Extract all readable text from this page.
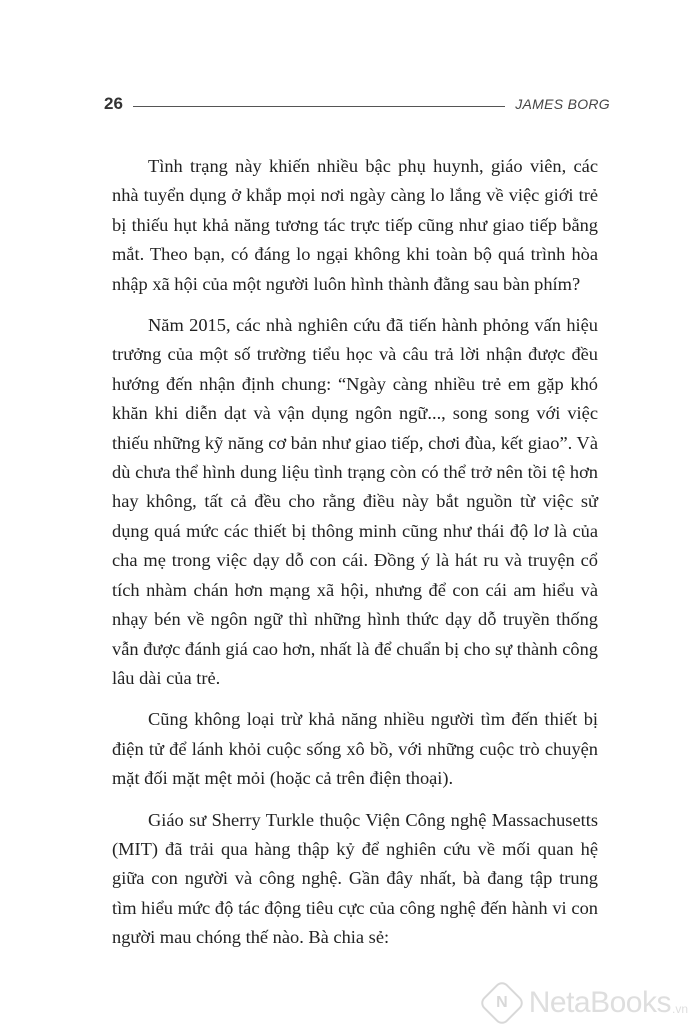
26	JAMES BORG

Tình trạng này khiến nhiều bậc phụ huynh, giáo viên, các nhà tuyển dụng ở khắp mọi nơi ngày càng lo lắng về việc giới trẻ bị thiếu hụt khả năng tương tác trực tiếp cũng như giao tiếp bằng mắt. Theo bạn, có đáng lo ngại không khi toàn bộ quá trình hòa nhập xã hội của một người luôn hình thành đằng sau bàn phím?

Năm 2015, các nhà nghiên cứu đã tiến hành phỏng vấn hiệu trưởng của một số trường tiểu học và câu trả lời nhận được đều hướng đến nhận định chung: “Ngày càng nhiều trẻ em gặp khó khăn khi diễn dạt và vận dụng ngôn ngữ..., song song với việc thiếu những kỹ năng cơ bản như giao tiếp, chơi đùa, kết giao”. Và dù chưa thể hình dung liệu tình trạng còn có thể trở nên tồi tệ hơn hay không, tất cả đều cho rằng điều này bắt nguồn từ việc sử dụng quá mức các thiết bị thông minh cũng như thái độ lơ là của cha mẹ trong việc dạy dỗ con cái. Đồng ý là hát ru và truyện cổ tích nhàm chán hơn mạng xã hội, nhưng để con cái am hiểu và nhạy bén về ngôn ngữ thì những hình thức dạy dỗ truyền thống vẫn được đánh giá cao hơn, nhất là để chuẩn bị cho sự thành công lâu dài của trẻ.

Cũng không loại trừ khả năng nhiều người tìm đến thiết bị điện tử để lánh khỏi cuộc sống xô bồ, với những cuộc trò chuyện mặt đối mặt mệt mỏi (hoặc cả trên điện thoại).

Giáo sư Sherry Turkle thuộc Viện Công nghệ Massachusetts (MIT) đã trải qua hàng thập kỷ để nghiên cứu về mối quan hệ giữa con người và công nghệ. Gần đây nhất, bà đang tập trung tìm hiểu mức độ tác động tiêu cực của công nghệ đến hành vi con người mau chóng thế nào. Bà chia sẻ:

N NetaBooks .vn
